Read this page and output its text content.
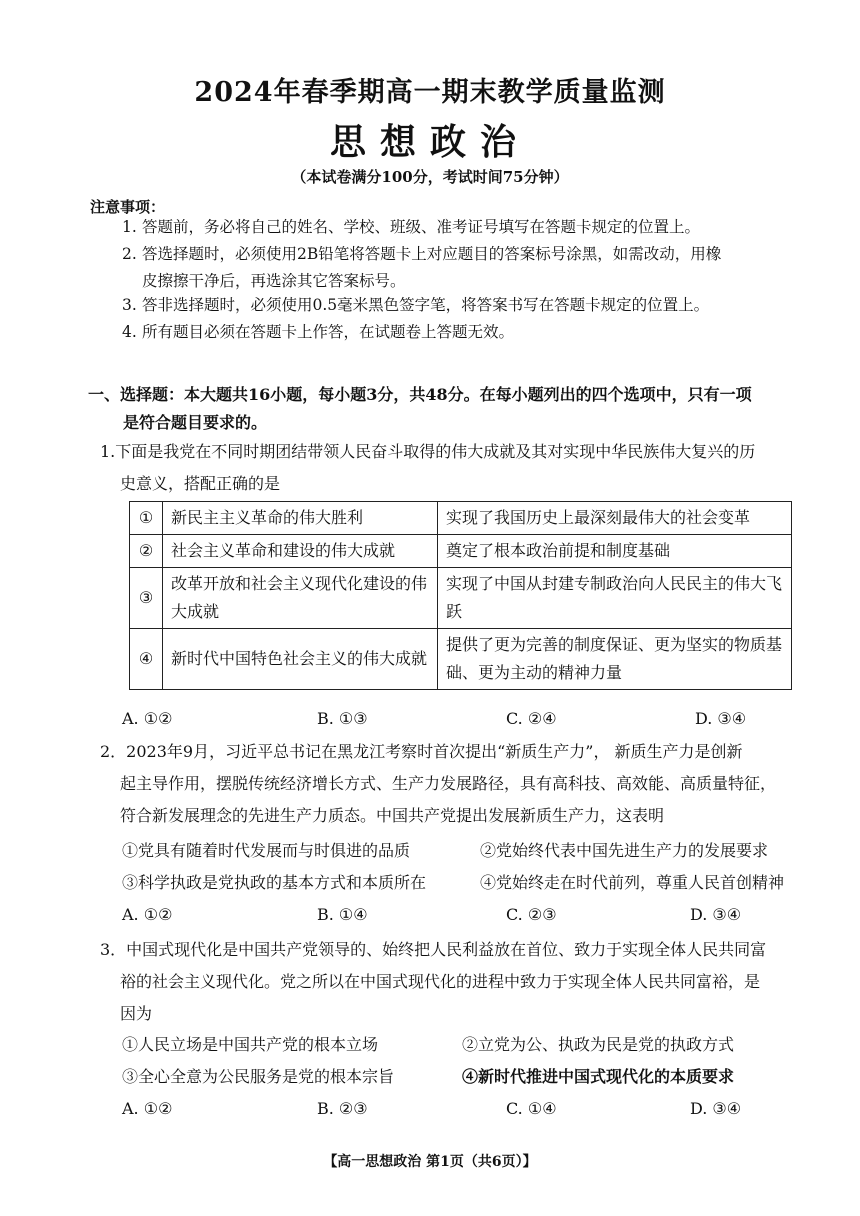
2024年春季期高一期末教学质量监测
思想政治
（本试卷满分100分，考试时间75分钟）
注意事项：
1. 答题前，务必将自己的姓名、学校、班级、准考证号填写在答题卡规定的位置上。
2. 答选择题时，必须使用2B铅笔将答题卡上对应题目的答案标号涂黑，如需改动，用橡
皮擦擦干净后，再选涂其它答案标号。
3. 答非选择题时，必须使用0.5毫米黑色签字笔，将答案书写在答题卡规定的位置上。
4. 所有题目必须在答题卡上作答，在试题卷上答题无效。
一、选择题：本大题共16小题，每小题3分，共48分。在每小题列出的四个选项中，只有一项
是符合题目要求的。
1.下面是我党在不同时期团结带领人民奋斗取得的伟大成就及其对实现中华民族伟大复兴的历
史意义，搭配正确的是
①	新民主主义革命的伟大胜利	实现了我国历史上最深刻最伟大的社会变革
②	社会主义革命和建设的伟大成就	奠定了根本政治前提和制度基础
③	改革开放和社会主义现代化建设的伟大成就	实现了中国从封建专制政治向人民民主的伟大飞跃
④	新时代中国特色社会主义的伟大成就	提供了更为完善的制度保证、更为坚实的物质基础、更为主动的精神力量
A. ①②	B. ①③	C. ②④	D. ③④
2．2023年9月，习近平总书记在黑龙江考察时首次提出“新质生产力”， 新质生产力是创新
起主导作用，摆脱传统经济增长方式、生产力发展路径，具有高科技、高效能、高质量特征，
符合新发展理念的先进生产力质态。中国共产党提出发展新质生产力，这表明
①党具有随着时代发展而与时俱进的品质	②党始终代表中国先进生产力的发展要求
③科学执政是党执政的基本方式和本质所在	④党始终走在时代前列，尊重人民首创精神
A. ①②	B. ①④	C. ②③	D. ③④
3．中国式现代化是中国共产党领导的、始终把人民利益放在首位、致力于实现全体人民共同富
裕的社会主义现代化。党之所以在中国式现代化的进程中致力于实现全体人民共同富裕，是
因为
①人民立场是中国共产党的根本立场	②立党为公、执政为民是党的执政方式
③全心全意为公民服务是党的根本宗旨	④新时代推进中国式现代化的本质要求
A. ①②	B. ②③	C. ①④	D. ③④
【高一思想政治 第1页（共6页）】
